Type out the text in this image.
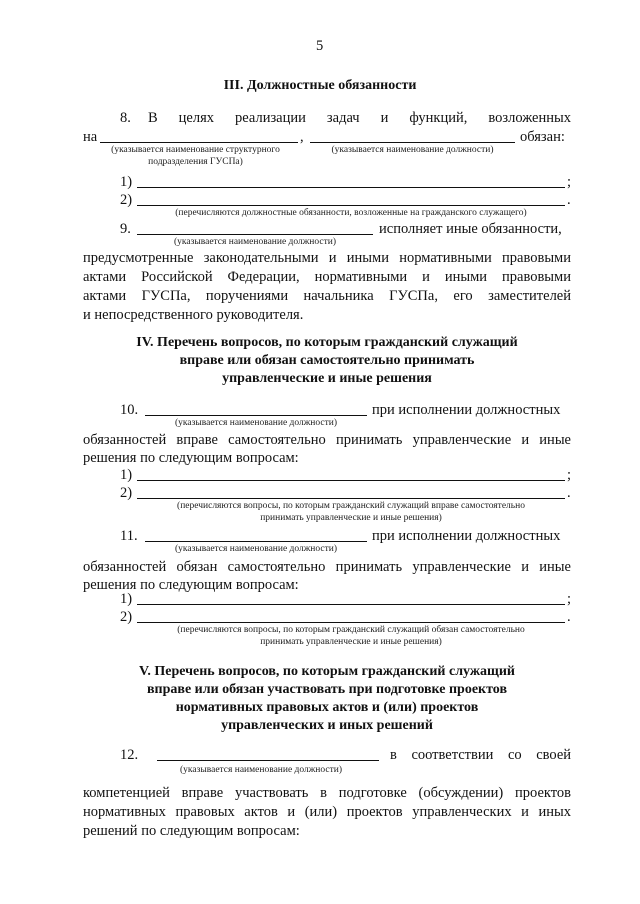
5
III. Должностные обязанности
8. В целях реализации задач и функций, возложенных
на	,	обязан:
(указывается наименование структурного
подразделения ГУСПа)
(указывается наименование должности)
1)	;
2)	.
(перечисляются должностные обязанности, возложенные на гражданского служащего)
9.	исполняет иные обязанности,
(указывается наименование должности)
предусмотренные законодательными и иными нормативными правовыми
актами Российской Федерации, нормативными и иными правовыми
актами ГУСПа, поручениями начальника ГУСПа, его заместителей
и непосредственного руководителя.
IV. Перечень вопросов, по которым гражданский служащий
вправе или обязан самостоятельно принимать
управленческие и иные решения
10.	при исполнении должностных
(указывается наименование должности)
обязанностей вправе самостоятельно принимать управленческие и иные
решения по следующим вопросам:
1)	;
2)	.
(перечисляются вопросы, по которым гражданский служащий вправе самостоятельно
принимать управленческие и иные решения)
11.	при исполнении должностных
(указывается наименование должности)
обязанностей обязан самостоятельно принимать управленческие и иные
решения по следующим вопросам:
1)	;
2)	.
(перечисляются вопросы, по которым гражданский служащий обязан самостоятельно
принимать управленческие и иные решения)
V. Перечень вопросов, по которым гражданский служащий
вправе или обязан участвовать при подготовке проектов
нормативных правовых актов и (или) проектов
управленческих и иных решений
12.	в соответствии со своей
(указывается наименование должности)
компетенцией вправе участвовать в подготовке (обсуждении) проектов
нормативных правовых актов и (или) проектов управленческих и иных
решений по следующим вопросам:
